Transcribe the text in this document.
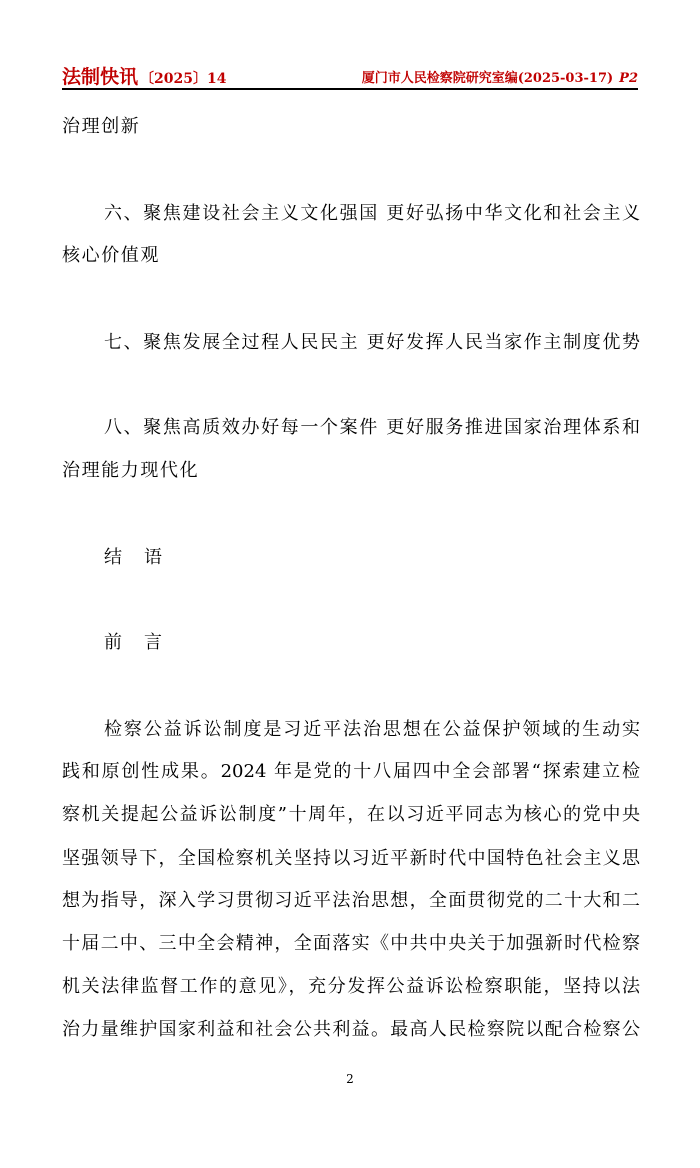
法制快讯 〔2025〕14	厦门市人民检察院研究室编(2025-03-17) P2
治理创新
六、聚焦建设社会主义文化强国 更好弘扬中华文化和社会主义
核心价值观
七、聚焦发展全过程人民民主 更好发挥人民当家作主制度优势
八、聚焦高质效办好每一个案件 更好服务推进国家治理体系和
治理能力现代化
结语
前言
检察公益诉讼制度是习近平法治思想在公益保护领域的生动实
践和原创性成果。2024 年是党的十八届四中全会部署“探索建立检
察机关提起公益诉讼制度”十周年，在以习近平同志为核心的党中央
坚强领导下，全国检察机关坚持以习近平新时代中国特色社会主义思
想为指导，深入学习贯彻习近平法治思想，全面贯彻党的二十大和二
十届二中、三中全会精神，全面落实《中共中央关于加强新时代检察
机关法律监督工作的意见》，充分发挥公益诉讼检察职能，坚持以法
治力量维护国家利益和社会公共利益。最高人民检察院以配合检察公
2
